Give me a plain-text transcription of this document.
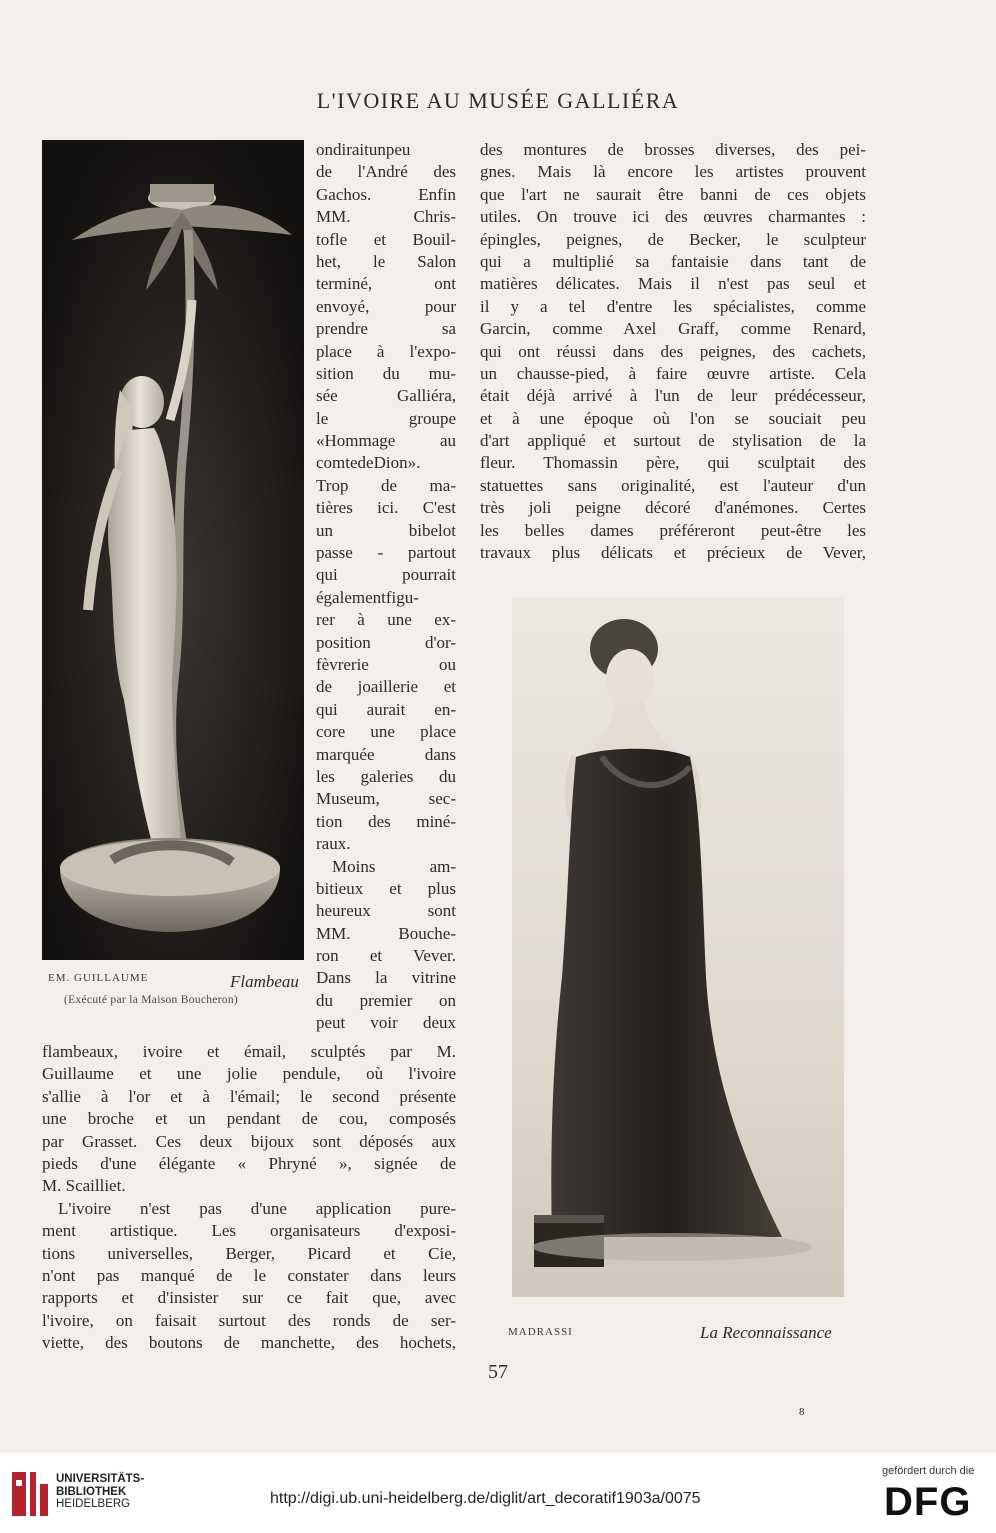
L'IVOIRE AU MUSÉE GALLIÉRA
EM. GUILLAUME	Flambeau
(Exécuté par la Maison Boucheron)
ondiraitunpeu
de l'André des
Gachos. Enfin
MM. Chris-
tofle et Bouil-
het, le Salon
terminé, ont
envoyé, pour
prendre sa
place à l'expo-
sition du mu-
sée Galliéra,
le groupe
«Hommage au
comtedeDion».
Trop de ma-
tières ici. C'est
un bibelot
passe - partout
qui pourrait
égalementfigu-
rer à une ex-
position d'or-
fèvrerie ou
de joaillerie et
qui aurait en-
core une place
marquée dans
les galeries du
Museum, sec-
tion des miné-
raux.
Moins am-
bitieux et plus
heureux sont
MM. Bouche-
ron et Vever.
Dans la vitrine
du premier on
peut voir deux
flambeaux, ivoire et émail, sculptés par M.
Guillaume et une jolie pendule, où l'ivoire
s'allie à l'or et à l'émail; le second présente
une broche et un pendant de cou, composés
par Grasset. Ces deux bijoux sont déposés aux
pieds d'une élégante « Phryné », signée de
M. Scailliet.
L'ivoire n'est pas d'une application pure-
ment artistique. Les organisateurs d'exposi-
tions universelles, Berger, Picard et Cie,
n'ont pas manqué de le constater dans leurs
rapports et d'insister sur ce fait que, avec
l'ivoire, on faisait surtout des ronds de ser-
viette, des boutons de manchette, des hochets,
des montures de brosses diverses, des pei-
gnes. Mais là encore les artistes prouvent
que l'art ne saurait être banni de ces objets
utiles. On trouve ici des œuvres charmantes :
épingles, peignes, de Becker, le sculpteur
qui a multiplié sa fantaisie dans tant de
matières délicates. Mais il n'est pas seul et
il y a tel d'entre les spécialistes, comme
Garcin, comme Axel Graff, comme Renard,
qui ont réussi dans des peignes, des cachets,
un chausse-pied, à faire œuvre artiste. Cela
était déjà arrivé à l'un de leur prédécesseur,
et à une époque où l'on se souciait peu
d'art appliqué et surtout de stylisation de la
fleur. Thomassin père, qui sculptait des
statuettes sans originalité, est l'auteur d'un
très joli peigne décoré d'anémones. Certes
les belles dames préféreront peut-être les
travaux plus délicats et précieux de Vever,
MADRASSI	La Reconnaissance
57
8
UNIVERSITÄTS-
BIBLIOTHEK
HEIDELBERG	http://digi.ub.uni-heidelberg.de/diglit/art_decoratif1903a/0075
gefördert durch die
DFG
